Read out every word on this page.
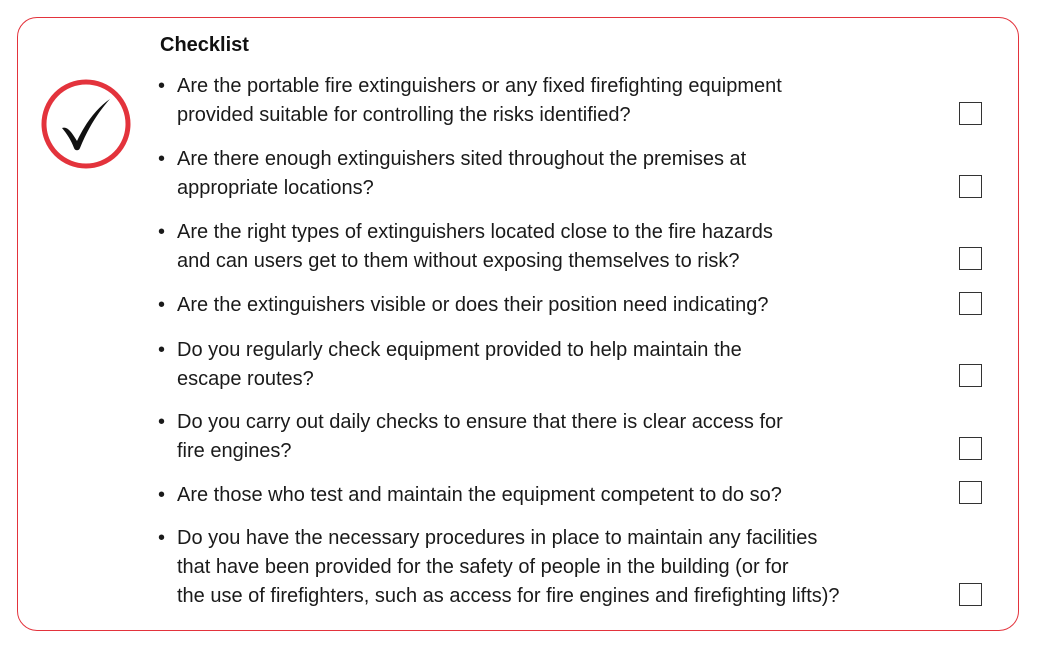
Checklist
• Are the portable fire extinguishers or any fixed firefighting equipment
provided suitable for controlling the risks identified?
• Are there enough extinguishers sited throughout the premises at
appropriate locations?
• Are the right types of extinguishers located close to the fire hazards
and can users get to them without exposing themselves to risk?
• Are the extinguishers visible or does their position need indicating?
• Do you regularly check equipment provided to help maintain the
escape routes?
• Do you carry out daily checks to ensure that there is clear access for
fire engines?
• Are those who test and maintain the equipment competent to do so?
• Do you have the necessary procedures in place to maintain any facilities
that have been provided for the safety of people in the building (or for
the use of firefighters, such as access for fire engines and firefighting lifts)?
